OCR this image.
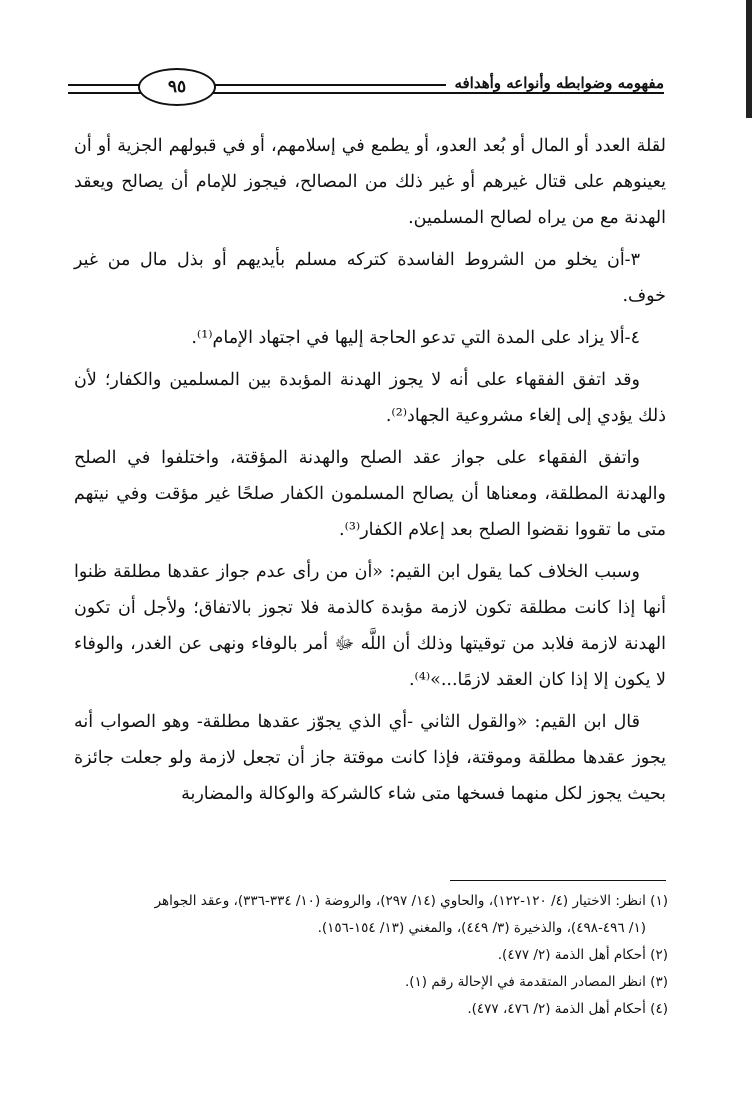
مفهومه وضوابطه وأنواعه وأهدافه
٩٥

لقلة العدد أو المال أو بُعد العدو، أو يطمع في إسلامهم، أو في قبولهم الجزية أو أن يعينوهم على قتال غيرهم أو غير ذلك من المصالح، فيجوز للإمام أن يصالح ويعقد الهدنة مع من يراه لصالح المسلمين.

٣-أن يخلو من الشروط الفاسدة كتركه مسلم بأيديهم أو بذل مال من غير خوف.

٤-ألا يزاد على المدة التي تدعو الحاجة إليها في اجتهاد الإمام⁽¹⁾.

وقد اتفق الفقهاء على أنه لا يجوز الهدنة المؤبدة بين المسلمين والكفار؛ لأن ذلك يؤدي إلى إلغاء مشروعية الجهاد⁽²⁾.

واتفق الفقهاء على جواز عقد الصلح والهدنة المؤقتة، واختلفوا في الصلح والهدنة المطلقة، ومعناها أن يصالح المسلمون الكفار صلحًا غير مؤقت وفي نيتهم متى ما تقووا نقضوا الصلح بعد إعلام الكفار⁽³⁾.

وسبب الخلاف كما يقول ابن القيم: «أن من رأى عدم جواز عقدها مطلقة ظنوا أنها إذا كانت مطلقة تكون لازمة مؤبدة كالذمة فلا تجوز بالاتفاق؛ ولأجل أن تكون الهدنة لازمة فلابد من توقيتها وذلك أن اللَّه ﷻ أمر بالوفاء ونهى عن الغدر، والوفاء لا يكون إلا إذا كان العقد لازمًا...»⁽⁴⁾.

قال ابن القيم: «والقول الثاني -أي الذي يجوّز عقدها مطلقة- وهو الصواب أنه يجوز عقدها مطلقة وموقتة، فإذا كانت موقتة جاز أن تجعل لازمة ولو جعلت جائزة بحيث يجوز لكل منهما فسخها متى شاء كالشركة والوكالة والمضاربة

(١) انظر: الاختيار (٤/ ١٢٠-١٢٢)، والحاوي (١٤/ ٢٩٧)، والروضة (١٠/ ٣٣٤-٣٣٦)، وعقد الجواهر

(١/ ٤٩٦-٤٩٨)، والذخيرة (٣/ ٤٤٩)، والمغني (١٣/ ١٥٤-١٥٦).

(٢) أحكام أهل الذمة (٢/ ٤٧٧).

(٣) انظر المصادر المتقدمة في الإحالة رقم (١).

(٤) أحكام أهل الذمة (٢/ ٤٧٦، ٤٧٧).
